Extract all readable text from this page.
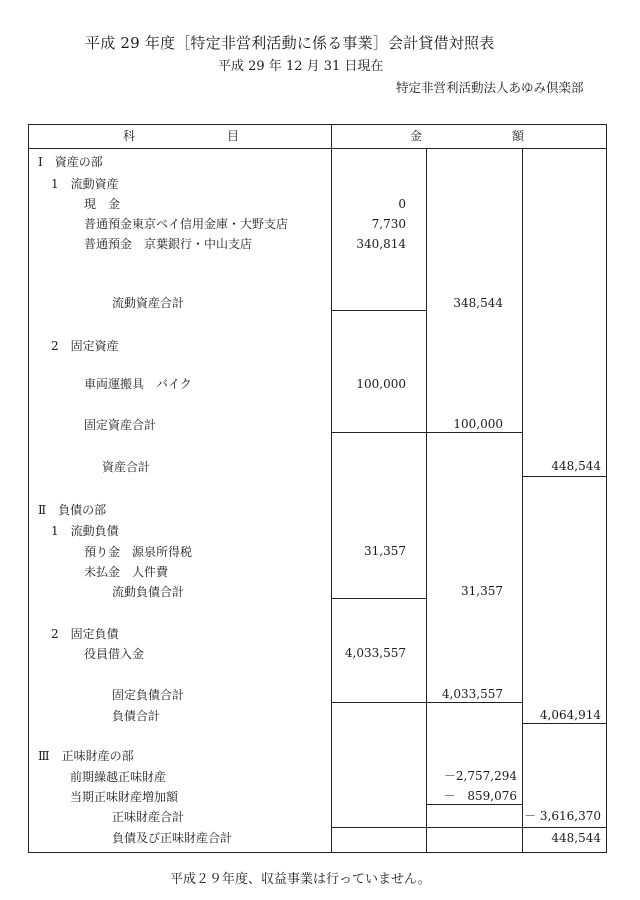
平成 29 年度［特定非営利活動に係る事業］会計貸借対照表
平成 29 年 12 月 31 日現在
特定非営利活動法人あゆみ倶楽部
科	目	金	額
Ⅰ　資産の部
1　流動資産
現　金	0
普通預金東京ベイ信用金庫・大野支店	7,730
普通預金　京葉銀行・中山支店	340,814
流動資産合計	348,544
2　固定資産
車両運搬具　バイク	100,000
固定資産合計	100,000
資産合計	448,544
Ⅱ　負債の部
1　流動負債
預り金　源泉所得税	31,357
未払金　人件費
流動負債合計	31,357
2　固定負債
役員借入金	4,033,557
固定負債合計	4,033,557
負債合計	4,064,914
Ⅲ　正味財産の部
前期繰越正味財産	－2,757,294
当期正味財産増加額	－　859,076
正味財産合計	－ 3,616,370
負債及び正味財産合計	448,544
平成２９年度、収益事業は行っていません。
